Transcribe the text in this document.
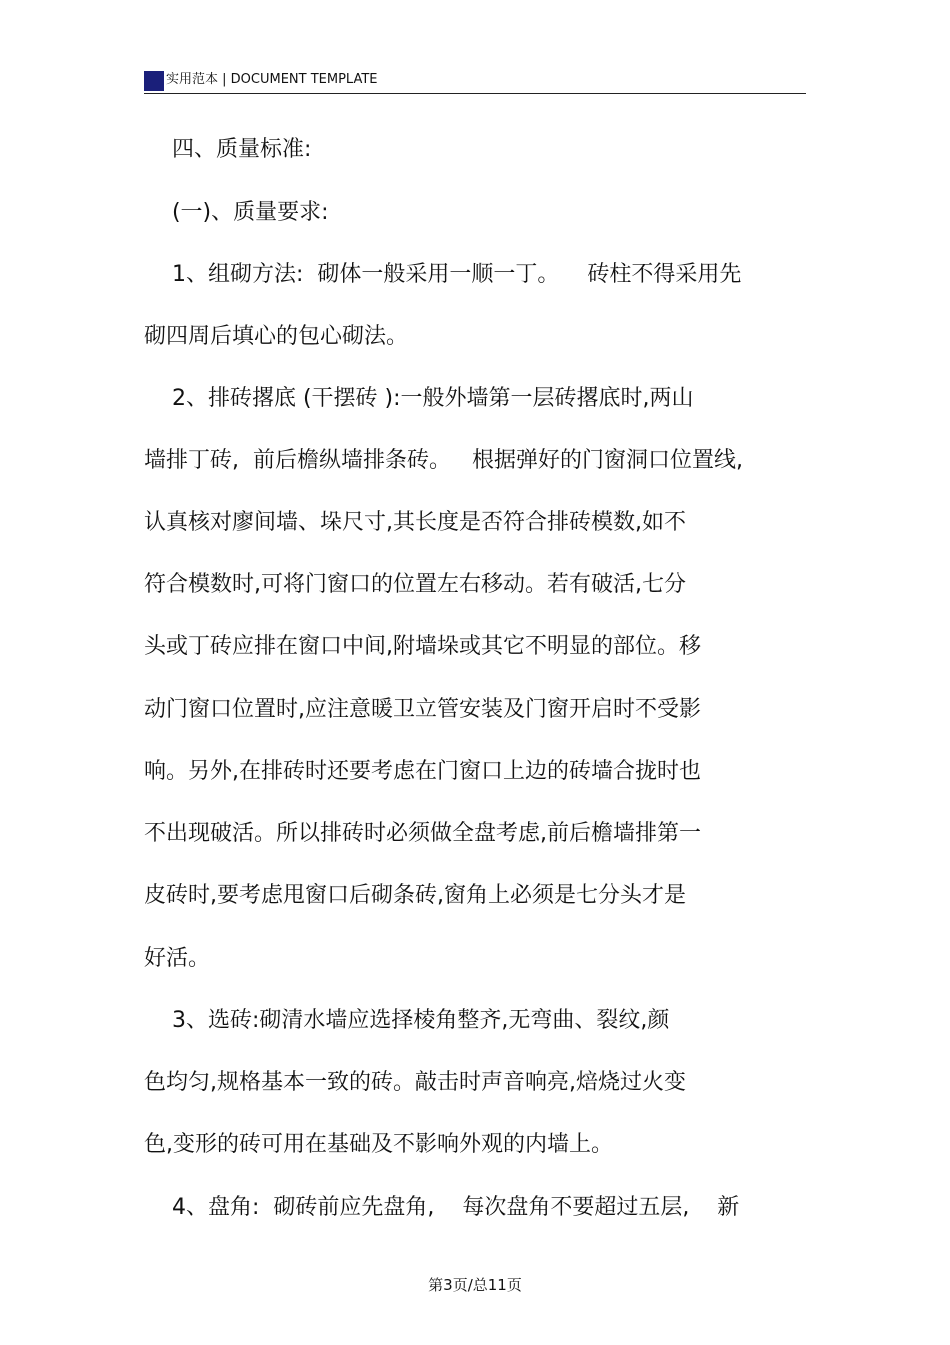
实用范本 | DOCUMENT TEMPLATE
四、质量标准:
(一)、质量要求:
1、组砌方法:  砌体一般采用一顺一丁。    砖柱不得采用先
砌四周后填心的包心砌法。
2、排砖撂底 (干摆砖 ):一般外墙第一层砖撂底时,两山
墙排丁砖,  前后檐纵墙排条砖。   根据弹好的门窗洞口位置线,
认真核对廖间墙、垛尺寸,其长度是否符合排砖模数,如不
符合模数时,可将门窗口的位置左右移动。若有破活,七分
头或丁砖应排在窗口中间,附墙垛或其它不明显的部位。移
动门窗口位置时,应注意暖卫立管安装及门窗开启时不受影
响。另外,在排砖时还要考虑在门窗口上边的砖墙合拢时也
不出现破活。所以排砖时必须做全盘考虑,前后檐墙排第一
皮砖时,要考虑甩窗口后砌条砖,窗角上必须是七分头才是
好活。
3、选砖:砌清水墙应选择棱角整齐,无弯曲、裂纹,颜
色均匀,规格基本一致的砖。敲击时声音响亮,焙烧过火变
色,变形的砖可用在基础及不影响外观的内墙上。
4、盘角:  砌砖前应先盘角,    每次盘角不要超过五层,    新
第3页/总11页
